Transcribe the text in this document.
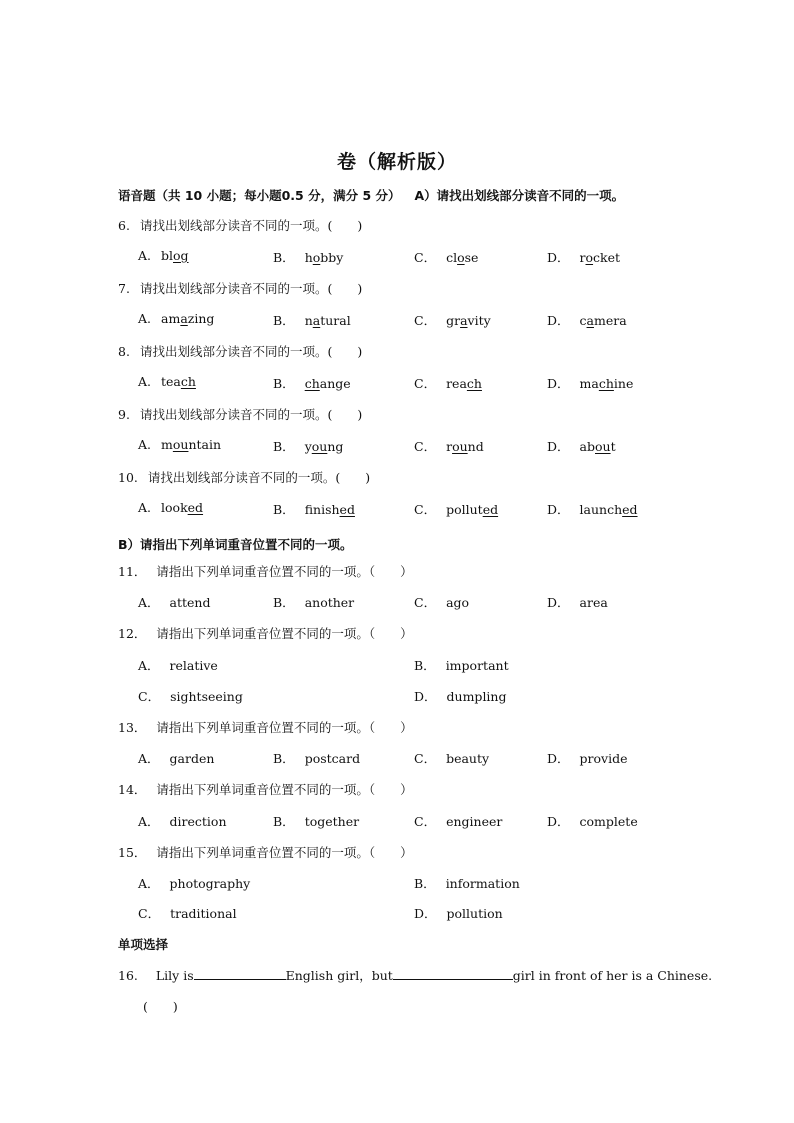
卷（解析版）
语音题（共 10 小题；每小题0.5 分，满分 5 分） A）请找出划线部分读音不同的一项。
6. 请找出划线部分读音不同的一项。(　　)
A. blog	B． hobby	C． close	D． rocket
7. 请找出划线部分读音不同的一项。(　　)
A. amazing	B． natural	C． gravity	D． camera
8. 请找出划线部分读音不同的一项。(　　)
A. teach	B． change	C． reach	D． machine
9. 请找出划线部分读音不同的一项。(　　)
A. mountain	B． young	C． round	D． about
10. 请找出划线部分读音不同的一项。(　　)
A. looked	B． finished	C． polluted	D． launched
11． 请指出下列单词重音位置不同的一项。（　　）
A． attend	B． another	C． ago	D． area
12． 请指出下列单词重音位置不同的一项。（　　）
A． relative	B． important
C． sightseeing	D． dumpling
13． 请指出下列单词重音位置不同的一项。（　　）
A． garden	B． postcard	C． beauty	D． provide
14． 请指出下列单词重音位置不同的一项。（　　）
A． direction	B． together	C． engineer	D． complete
15． 请指出下列单词重音位置不同的一项。（　　）
A． photography	B． information
C． traditional	D． pollution
B）请指出下列单词重音位置不同的一项。
单项选择
16. Lily is	English girl，but	girl in front of her is a Chinese.
(　　)
